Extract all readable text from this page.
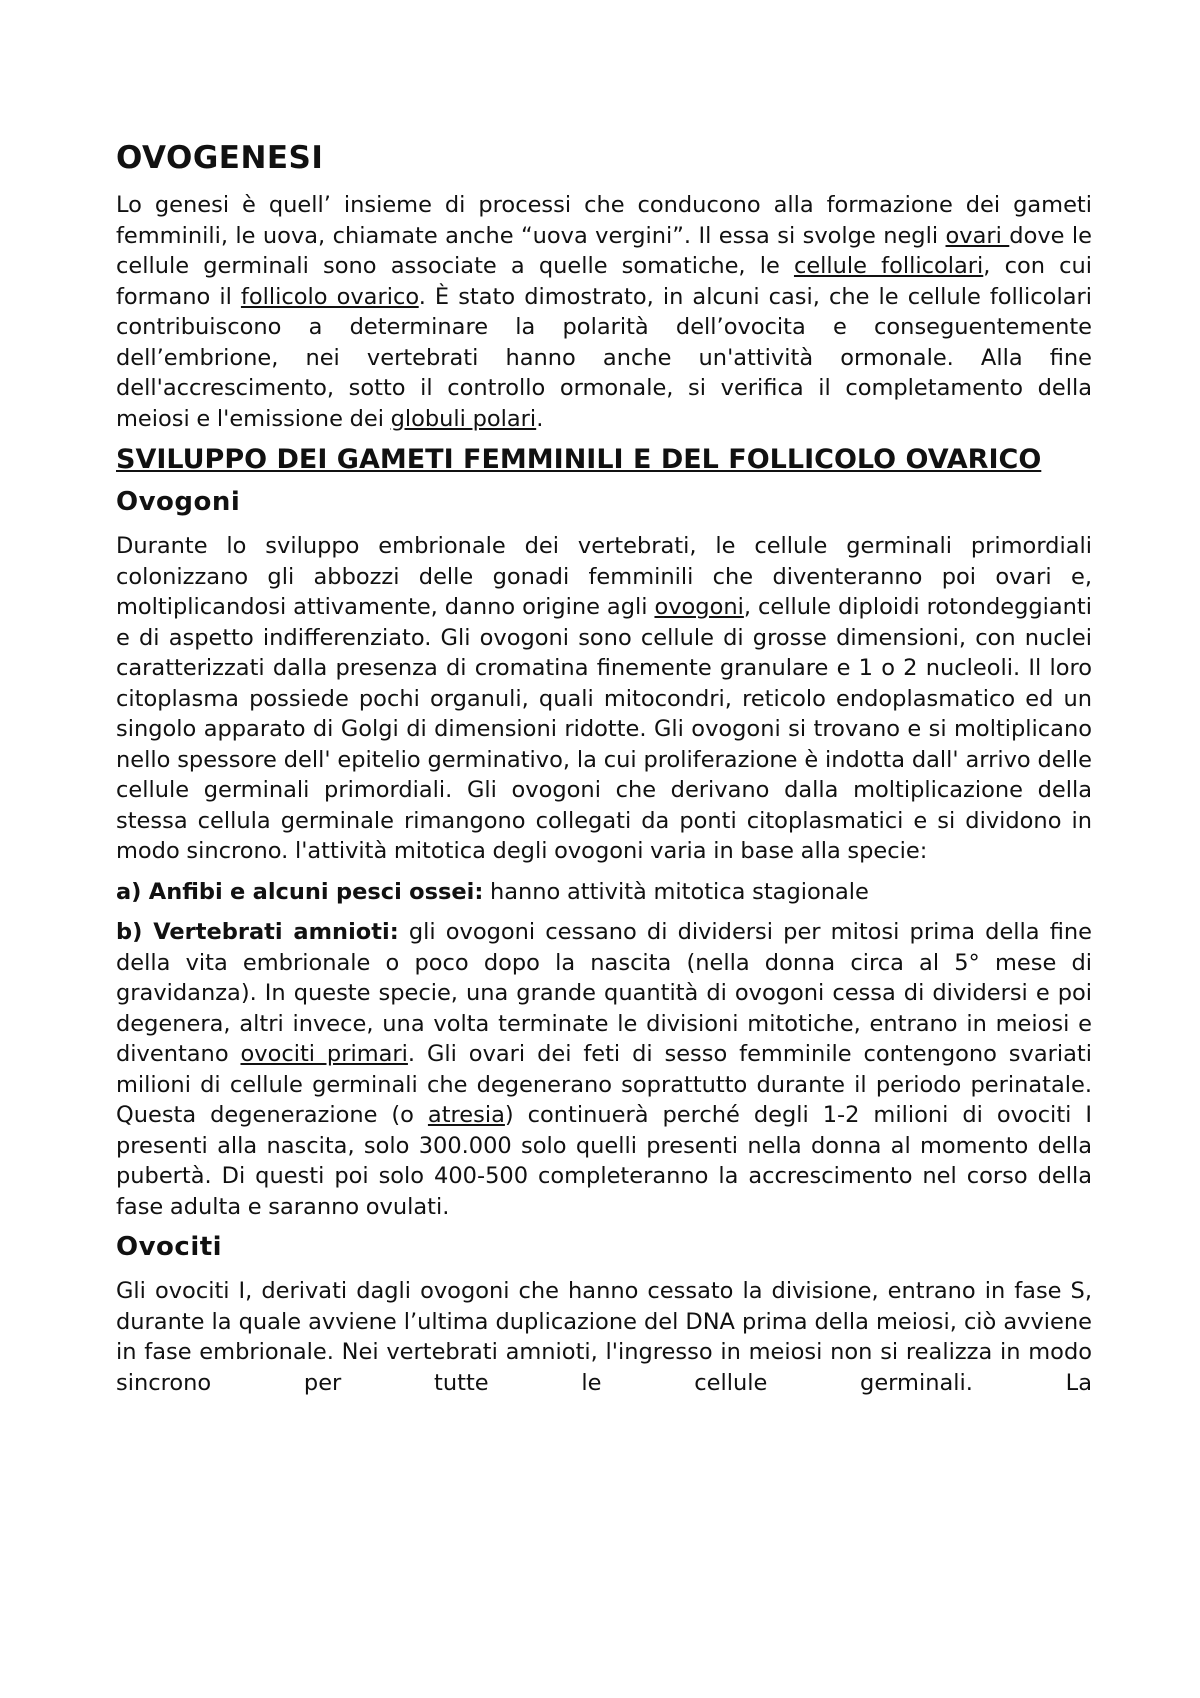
OVOGENESI

Lo genesi è quell’ insieme di processi che conducono alla formazione dei gameti femminili, le uova, chiamate anche “uova vergini”. Il essa si svolge negli ovari dove le cellule germinali sono associate a quelle somatiche, le cellule follicolari, con cui formano il follicolo ovarico. È stato dimostrato, in alcuni casi, che le cellule follicolari contribuiscono a determinare la polarità dell’ovocita e conseguentemente dell’embrione, nei vertebrati hanno anche un'attività ormonale. Alla fine dell'accrescimento, sotto il controllo ormonale, si verifica il completamento della meiosi e l'emissione dei globuli polari.

SVILUPPO DEI GAMETI FEMMINILI E DEL FOLLICOLO OVARICO
Ovogoni

Durante lo sviluppo embrionale dei vertebrati, le cellule germinali primordiali colonizzano gli abbozzi delle gonadi femminili che diventeranno poi ovari e, moltiplicandosi attivamente, danno origine agli ovogoni, cellule diploidi rotondeggianti e di aspetto indifferenziato. Gli ovogoni sono cellule di grosse dimensioni, con nuclei caratterizzati dalla presenza di cromatina finemente granulare e 1 o 2 nucleoli. Il loro citoplasma possiede pochi organuli, quali mitocondri, reticolo endoplasmatico ed un singolo apparato di Golgi di dimensioni ridotte. Gli ovogoni si trovano e si moltiplicano nello spessore dell' epitelio germinativo, la cui proliferazione è indotta dall' arrivo delle cellule germinali primordiali. Gli ovogoni che derivano dalla moltiplicazione della stessa cellula germinale rimangono collegati da ponti citoplasmatici e si dividono in modo sincrono. l'attività mitotica degli ovogoni varia in base alla specie:

a) Anfibi e alcuni pesci ossei: hanno attività mitotica stagionale

b) Vertebrati amnioti: gli ovogoni cessano di dividersi per mitosi prima della fine della vita embrionale o poco dopo la nascita (nella donna circa al 5° mese di gravidanza). In queste specie, una grande quantità di ovogoni cessa di dividersi e poi degenera, altri invece, una volta terminate le divisioni mitotiche, entrano in meiosi e diventano ovociti primari. Gli ovari dei feti di sesso femminile contengono svariati milioni di cellule germinali che degenerano soprattutto durante il periodo perinatale. Questa degenerazione (o atresia) continuerà perché degli 1-2 milioni di ovociti I presenti alla nascita, solo 300.000 solo quelli presenti nella donna al momento della pubertà. Di questi poi solo 400-500 completeranno la accrescimento nel corso della fase adulta e saranno ovulati.

Ovociti

Gli ovociti I, derivati dagli ovogoni che hanno cessato la divisione, entrano in fase S, durante la quale avviene l’ultima duplicazione del DNA prima della meiosi, ciò avviene in fase embrionale. Nei vertebrati amnioti, l'ingresso in meiosi non si realizza in modo sincrono per tutte le cellule germinali. La
